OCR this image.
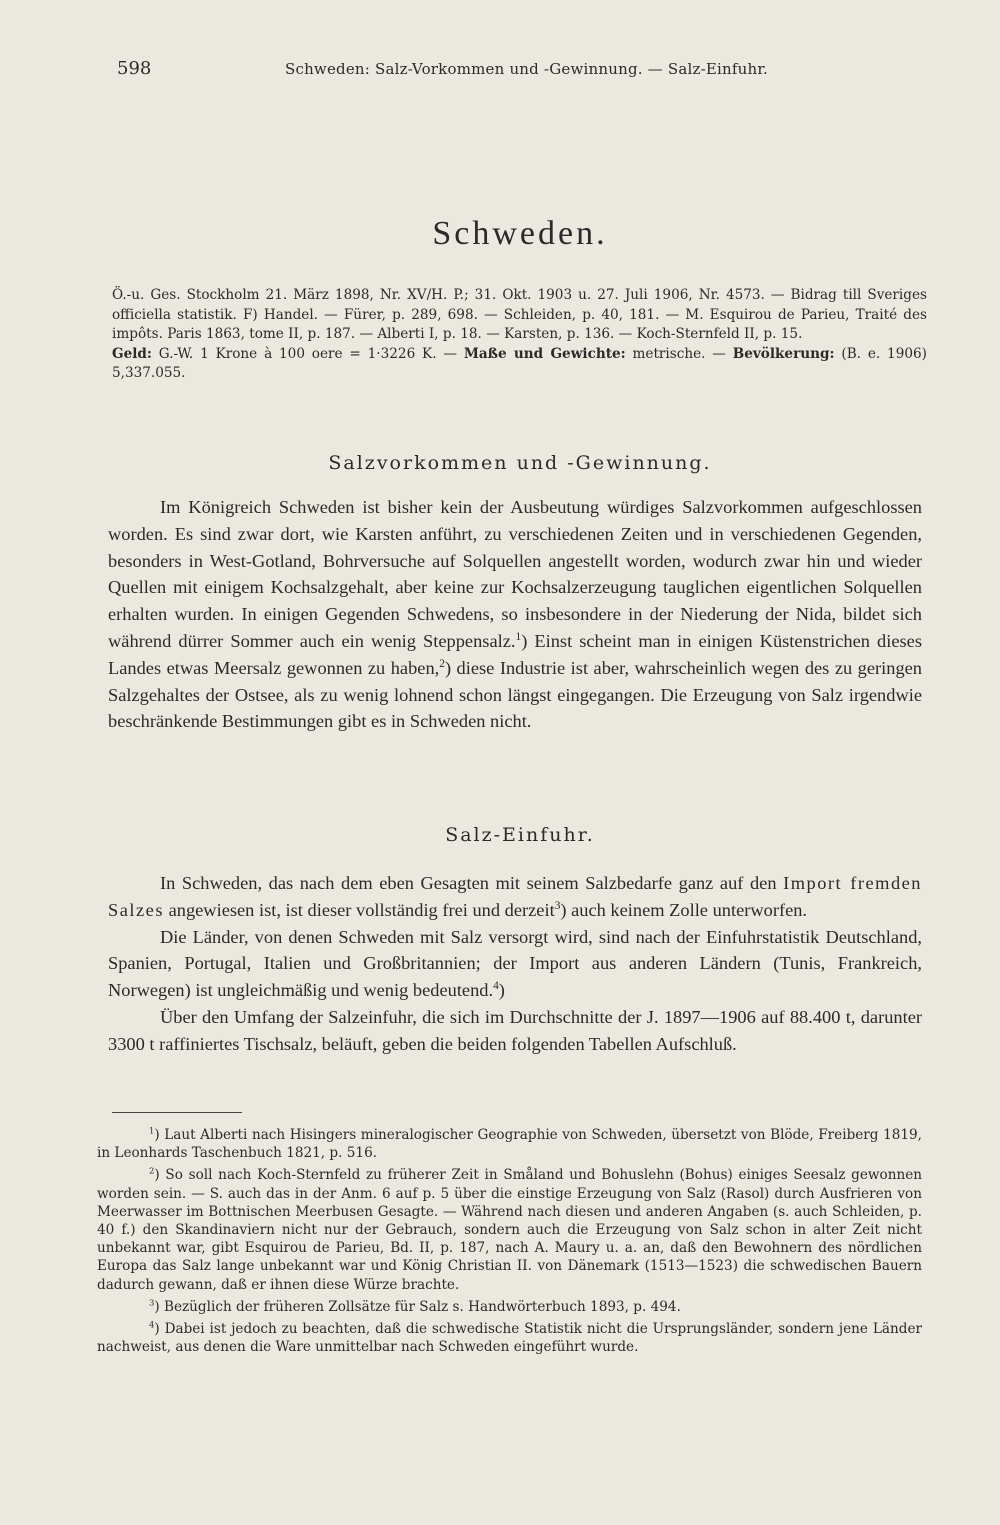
598	Schweden: Salz-Vorkommen und -Gewinnung. — Salz-Einfuhr.
Schweden.

Ö.-u. Ges. Stockholm 21. März 1898, Nr. XV/H. P.; 31. Okt. 1903 u. 27. Juli 1906, Nr. 4573. — Bidrag till Sveriges officiella statistik. F) Handel. — Fürer, p. 289, 698. — Schleiden, p. 40, 181. — M. Esquirou de Parieu, Traité des impôts. Paris 1863, tome II, p. 187. — Alberti I, p. 18. — Karsten, p. 136. — Koch-Sternfeld II, p. 15.

Geld: G.-W. 1 Krone à 100 oere = 1·3226 K. — Maße und Gewichte: metrische. — Bevölkerung: (B. e. 1906) 5,337.055.

Salzvorkommen und -Gewinnung.

Im Königreich Schweden ist bisher kein der Ausbeutung würdiges Salzvorkommen aufgeschlossen worden. Es sind zwar dort, wie Karsten anführt, zu verschiedenen Zeiten und in verschiedenen Gegenden, besonders in West-Gotland, Bohrversuche auf Solquellen angestellt worden, wodurch zwar hin und wieder Quellen mit einigem Kochsalzgehalt, aber keine zur Kochsalzerzeugung tauglichen eigentlichen Solquellen erhalten wurden. In einigen Gegenden Schwedens, so insbesondere in der Niederung der Nida, bildet sich während dürrer Sommer auch ein wenig Steppensalz.$^1$) Einst scheint man in einigen Küstenstrichen dieses Landes etwas Meersalz gewonnen zu haben,$^2$) diese Industrie ist aber, wahrscheinlich wegen des zu geringen Salzgehaltes der Ostsee, als zu wenig lohnend schon längst eingegangen. Die Erzeugung von Salz irgendwie beschränkende Bestimmungen gibt es in Schweden nicht.

Salz-Einfuhr.

In Schweden, das nach dem eben Gesagten mit seinem Salzbedarfe ganz auf den Import fremden Salzes angewiesen ist, ist dieser vollständig frei und derzeit$^3$) auch keinem Zolle unterworfen.

Die Länder, von denen Schweden mit Salz versorgt wird, sind nach der Einfuhrstatistik Deutschland, Spanien, Portugal, Italien und Großbritannien; der Import aus anderen Ländern (Tunis, Frankreich, Norwegen) ist ungleichmäßig und wenig bedeutend.$^4$)

Über den Umfang der Salzeinfuhr, die sich im Durchschnitte der J. 1897—1906 auf 88.400 t, darunter 3300 t raffiniertes Tischsalz, beläuft, geben die beiden folgenden Tabellen Aufschluß.

$^1$) Laut Alberti nach Hisingers mineralogischer Geographie von Schweden, übersetzt von Blöde, Freiberg 1819, in Leonhards Taschenbuch 1821, p. 516.

$^2$) So soll nach Koch-Sternfeld zu früherer Zeit in Småland und Bohuslehn (Bohus) einiges Seesalz gewonnen worden sein. — S. auch das in der Anm. 6 auf p. 5 über die einstige Erzeugung von Salz (Rasol) durch Ausfrieren von Meerwasser im Bottnischen Meerbusen Gesagte. — Während nach diesen und anderen Angaben (s. auch Schleiden, p. 40 f.) den Skandinaviern nicht nur der Gebrauch, sondern auch die Erzeugung von Salz schon in alter Zeit nicht unbekannt war, gibt Esquirou de Parieu, Bd. II, p. 187, nach A. Maury u. a. an, daß den Bewohnern des nördlichen Europa das Salz lange unbekannt war und König Christian II. von Dänemark (1513—1523) die schwedischen Bauern dadurch gewann, daß er ihnen diese Würze brachte.

$^3$) Bezüglich der früheren Zollsätze für Salz s. Handwörterbuch 1893, p. 494.

$^4$) Dabei ist jedoch zu beachten, daß die schwedische Statistik nicht die Ursprungsländer, sondern jene Länder nachweist, aus denen die Ware unmittelbar nach Schweden eingeführt wurde.
